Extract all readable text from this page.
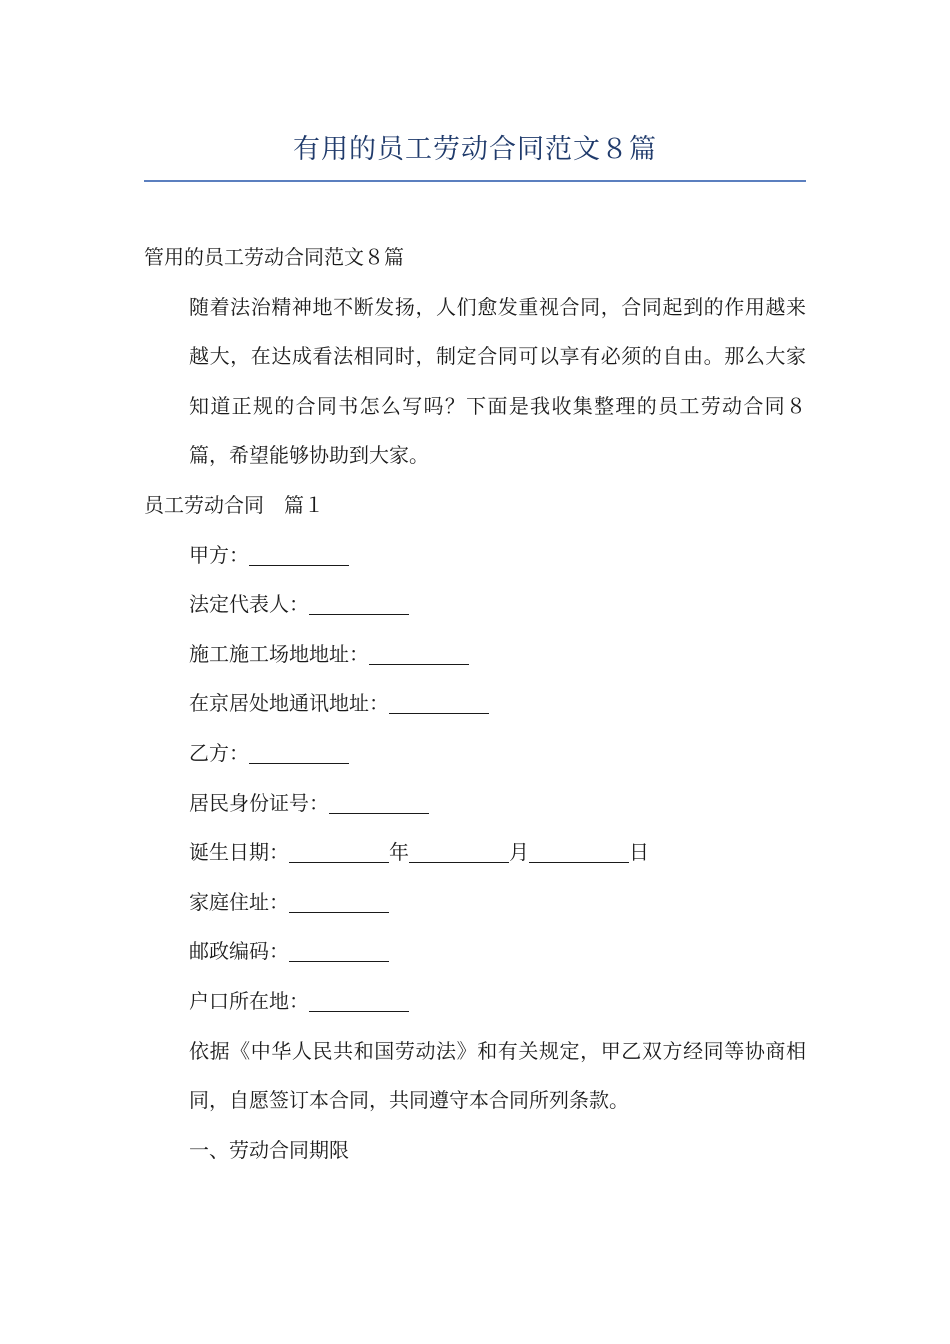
有用的员工劳动合同范文８篇

管用的员工劳动合同范文８篇

随着法治精神地不断发扬，人们愈发重视合同，合同起到的作用越来越大，在达成看法相同时，制定合同可以享有必须的自由。那么大家知道正规的合同书怎么写吗？下面是我收集整理的员工劳动合同８篇，希望能够协助到大家。

员工劳动合同　篇１

甲方：

法定代表人：

施工施工场地地址：

在京居处地通讯地址：

乙方：

居民身份证号：

诞生日期：	年	月	日

家庭住址：

邮政编码：

户口所在地：

依据《中华人民共和国劳动法》和有关规定，甲乙双方经同等协商相同，自愿签订本合同，共同遵守本合同所列条款。

一、劳动合同期限
